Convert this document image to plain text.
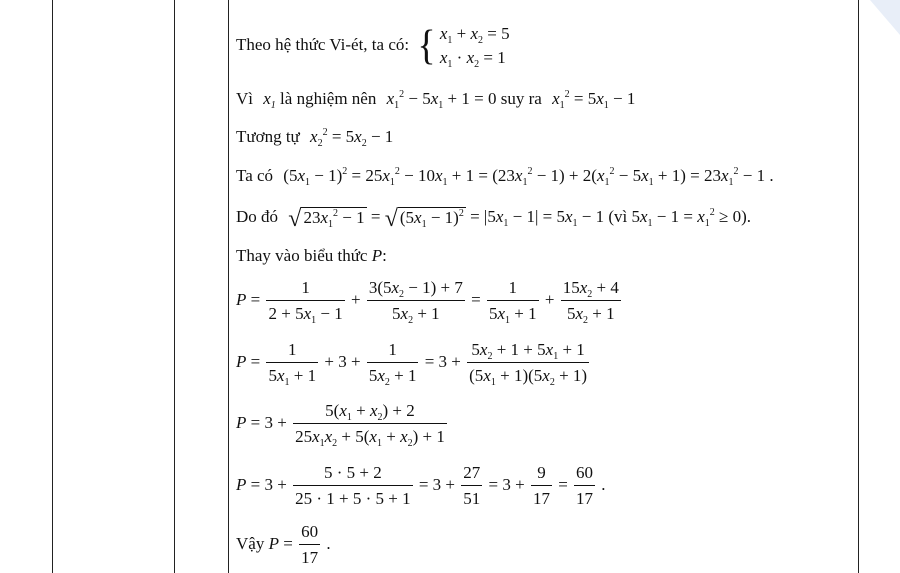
Theo hệ thức Vi-ét, ta có: { $x_1 + x_2 = 5$
$x_1 \cdot x_2 = 1$
Vì $x_1$ là nghiệm nên $x_1^2 - 5x_1 + 1 = 0$ suy ra $x_1^2 = 5x_1 - 1$
Tương tự $x_2^2 = 5x_2 - 1$
Ta có $(5x_1 - 1)^2 = 25x_1^2 - 10x_1 + 1 = (23x_1^2 - 1) + 2(x_1^2 - 5x_1 + 1) = 23x_1^2 - 1$ .
Do đó √ $23x_1^2 - 1$ = √ $(5x_1 - 1)^2 = |5x_1 - 1| = 5x_1 - 1$ (vì $5x_1 - 1 = x_1^2 \ge 0$).
Thay vào biểu thức P:
$P = \frac{1}{2 + 5x_1 - 1} + \frac{3(5x_2 - 1) + 7}{5x_2 + 1} = \frac{1}{5x_1 + 1} + \frac{15x_2 + 4}{5x_2 + 1}$
$P = \frac{1}{5x_1 + 1} + 3 + \frac{1}{5x_2 + 1} = 3 + \frac{5x_2 + 1 + 5x_1 + 1}{(5x_1 + 1)(5x_2 + 1)}$
$P = 3 + \frac{5(x_1 + x_2) + 2}{25x_1x_2 + 5(x_1 + x_2) + 1}$
$P = 3 + \frac{5 \cdot 5 + 2}{25 \cdot 1 + 5 \cdot 5 + 1} = 3 + \frac{27}{51} = 3 + \frac{9}{17} = \frac{60}{17}$ .
Vậy $P = \frac{60}{17}$ .
